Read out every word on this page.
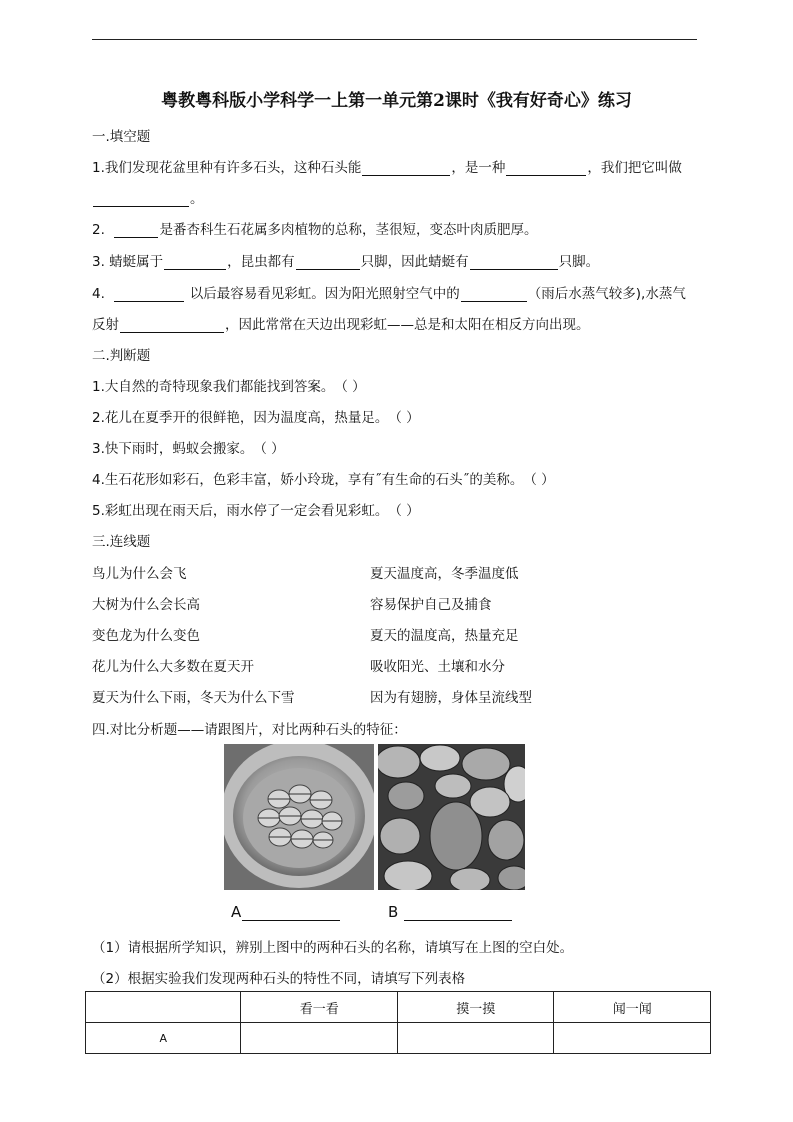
粤教粤科版小学科学一上第一单元第2课时《我有好奇心》练习
一.填空题
1.我们发现花盆里种有许多石头，这种石头能	，是一种	，我们把它叫做
。
2.	是番杏科生石花属多肉植物的总称，茎很短，变态叶肉质肥厚。
3. 蜻蜓属于	，昆虫都有	只脚，因此蜻蜓有	只脚。
4.	以后最容易看见彩虹。因为阳光照射空气中的	（雨后水蒸气较多),水蒸气
反射	，因此常常在天边出现彩虹——总是和太阳在相反方向出现。
二.判断题
1.大自然的奇特现象我们都能找到答案。（ ）
2.花儿在夏季开的很鲜艳，因为温度高，热量足。（ ）
3.快下雨时，蚂蚁会搬家。（ ）
4.生石花形如彩石，色彩丰富，娇小玲珑，享有˝有生命的石头˝的美称。（ ）
5.彩虹出现在雨天后，雨水停了一定会看见彩虹。（ ）
三.连线题
鸟儿为什么会飞	夏天温度高，冬季温度低
大树为什么会长高	容易保护自己及捕食
变色龙为什么变色	夏天的温度高，热量充足
花儿为什么大多数在夏天开	吸收阳光、土壤和水分
夏天为什么下雨，冬天为什么下雪	因为有翅膀，身体呈流线型
四.对比分析题——请跟图片，对比两种石头的特征：
A	B
（1）请根据所学知识，辨别上图中的两种石头的名称，请填写在上图的空白处。
（2）根据实验我们发现两种石头的特性不同，请填写下列表格
	看一看	摸一摸	闻一闻
A			
